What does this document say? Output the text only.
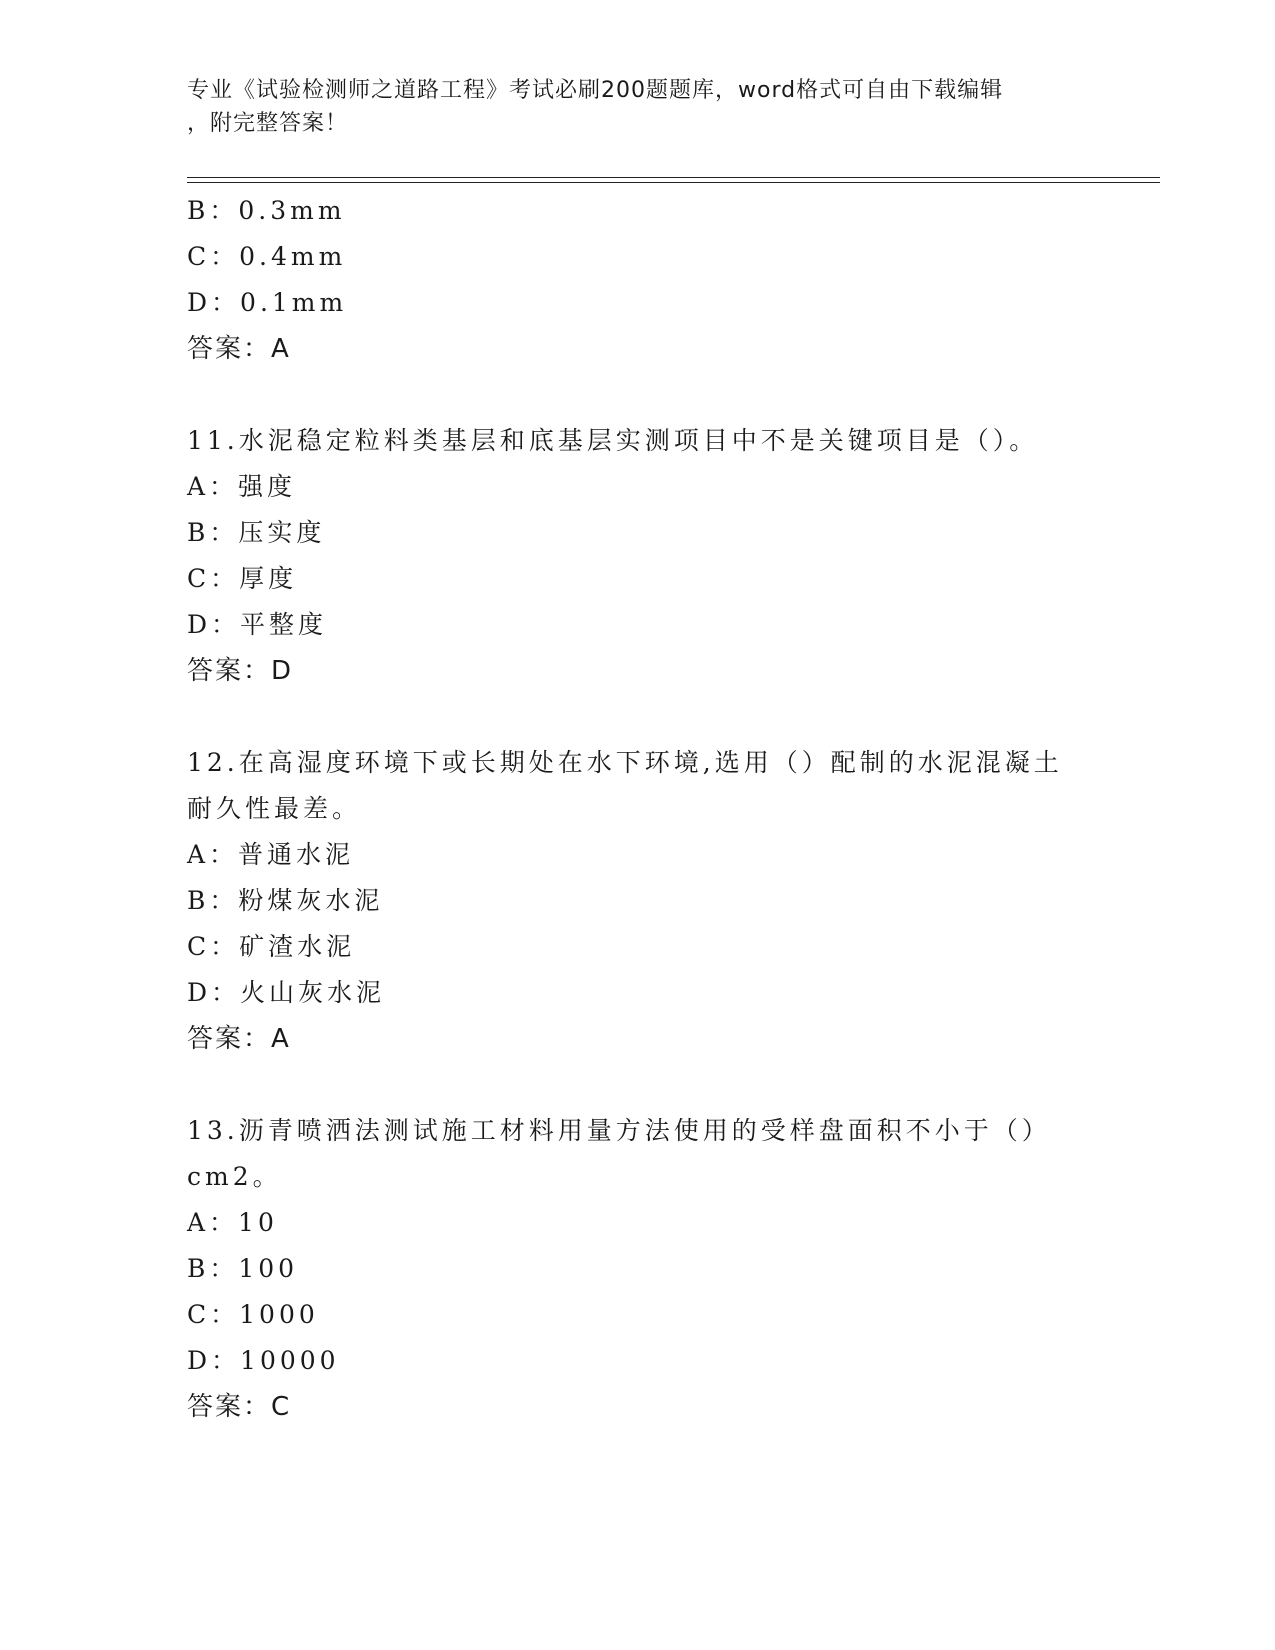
专业《试验检测师之道路工程》考试必刷200题题库，word格式可自由下载编辑
，附完整答案！
B：0.3mm
C：0.4mm
D：0.1mm
答案：A
11.水泥稳定粒料类基层和底基层实测项目中不是关键项目是（）。
A：强度
B：压实度
C：厚度
D：平整度
答案：D
12.在高湿度环境下或长期处在水下环境,选用（）配制的水泥混凝土
耐久性最差。
A：普通水泥
B：粉煤灰水泥
C：矿渣水泥
D：火山灰水泥
答案：A
13.沥青喷洒法测试施工材料用量方法使用的受样盘面积不小于（）
cm2。
A：10
B：100
C：1000
D：10000
答案：C
